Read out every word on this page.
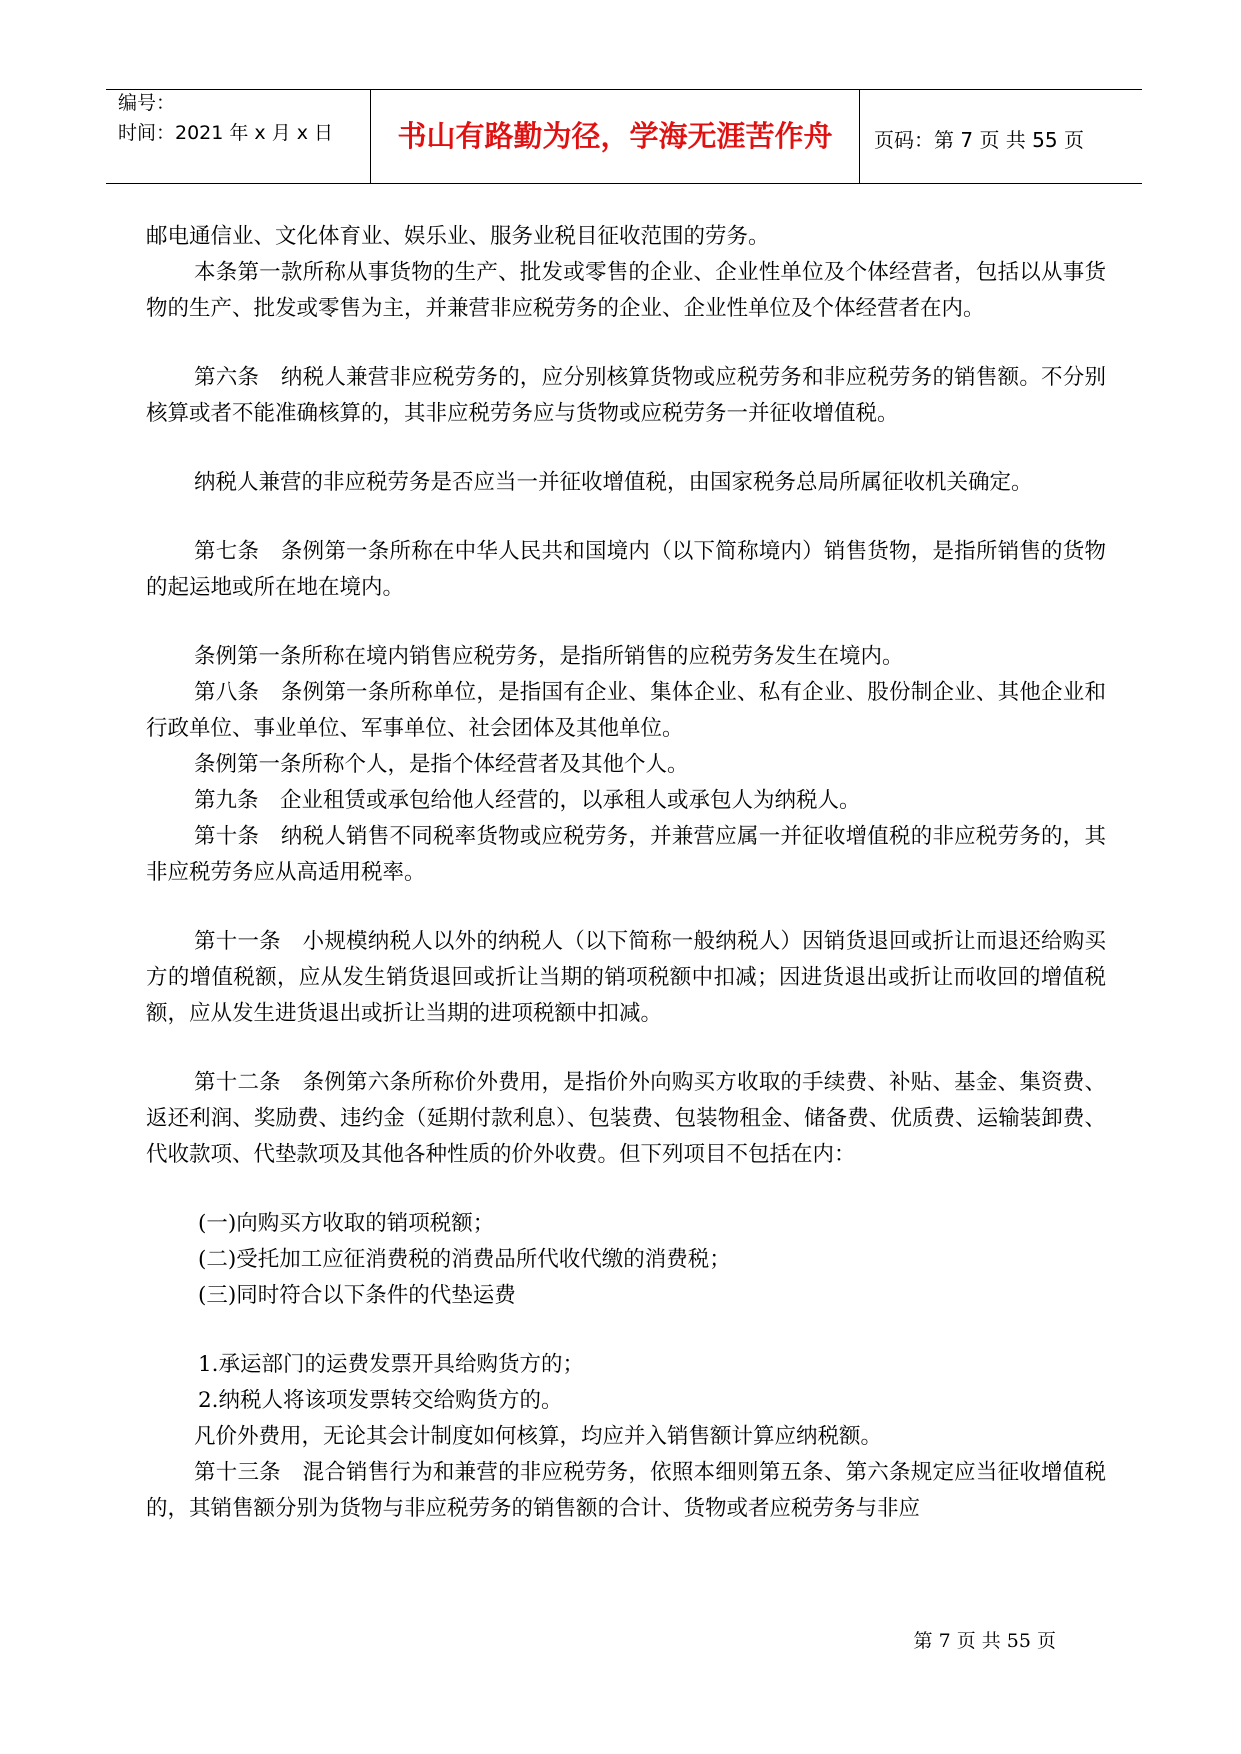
编号：
时间：2021 年 x 月 x 日	书山有路勤为径，学海无涯苦作舟	页码：第 7 页 共 55 页

邮电通信业、文化体育业、娱乐业、服务业税目征收范围的劳务。

本条第一款所称从事货物的生产、批发或零售的企业、企业性单位及个体经营者，包括以从事货物的生产、批发或零售为主，并兼营非应税劳务的企业、企业性单位及个体经营者在内。

第六条　纳税人兼营非应税劳务的，应分别核算货物或应税劳务和非应税劳务的销售额。不分别核算或者不能准确核算的，其非应税劳务应与货物或应税劳务一并征收增值税。

纳税人兼营的非应税劳务是否应当一并征收增值税，由国家税务总局所属征收机关确定。

第七条　条例第一条所称在中华人民共和国境内（以下简称境内）销售货物，是指所销售的货物的起运地或所在地在境内。

条例第一条所称在境内销售应税劳务，是指所销售的应税劳务发生在境内。

第八条　条例第一条所称单位，是指国有企业、集体企业、私有企业、股份制企业、其他企业和行政单位、事业单位、军事单位、社会团体及其他单位。

条例第一条所称个人，是指个体经营者及其他个人。

第九条　企业租赁或承包给他人经营的，以承租人或承包人为纳税人。

第十条　纳税人销售不同税率货物或应税劳务，并兼营应属一并征收增值税的非应税劳务的，其非应税劳务应从高适用税率。

第十一条　小规模纳税人以外的纳税人（以下简称一般纳税人）因销货退回或折让而退还给购买方的增值税额，应从发生销货退回或折让当期的销项税额中扣减；因进货退出或折让而收回的增值税额，应从发生进货退出或折让当期的进项税额中扣减。

第十二条　条例第六条所称价外费用，是指价外向购买方收取的手续费、补贴、基金、集资费、返还利润、奖励费、违约金（延期付款利息）、包装费、包装物租金、储备费、优质费、运输装卸费、代收款项、代垫款项及其他各种性质的价外收费。但下列项目不包括在内：

(一)向购买方收取的销项税额；

(二)受托加工应征消费税的消费品所代收代缴的消费税；

(三)同时符合以下条件的代垫运费

1.承运部门的运费发票开具给购货方的；

2.纳税人将该项发票转交给购货方的。

凡价外费用，无论其会计制度如何核算，均应并入销售额计算应纳税额。

第十三条　混合销售行为和兼营的非应税劳务，依照本细则第五条、第六条规定应当征收增值税的，其销售额分别为货物与非应税劳务的销售额的合计、货物或者应税劳务与非应

第 7 页 共 55 页
